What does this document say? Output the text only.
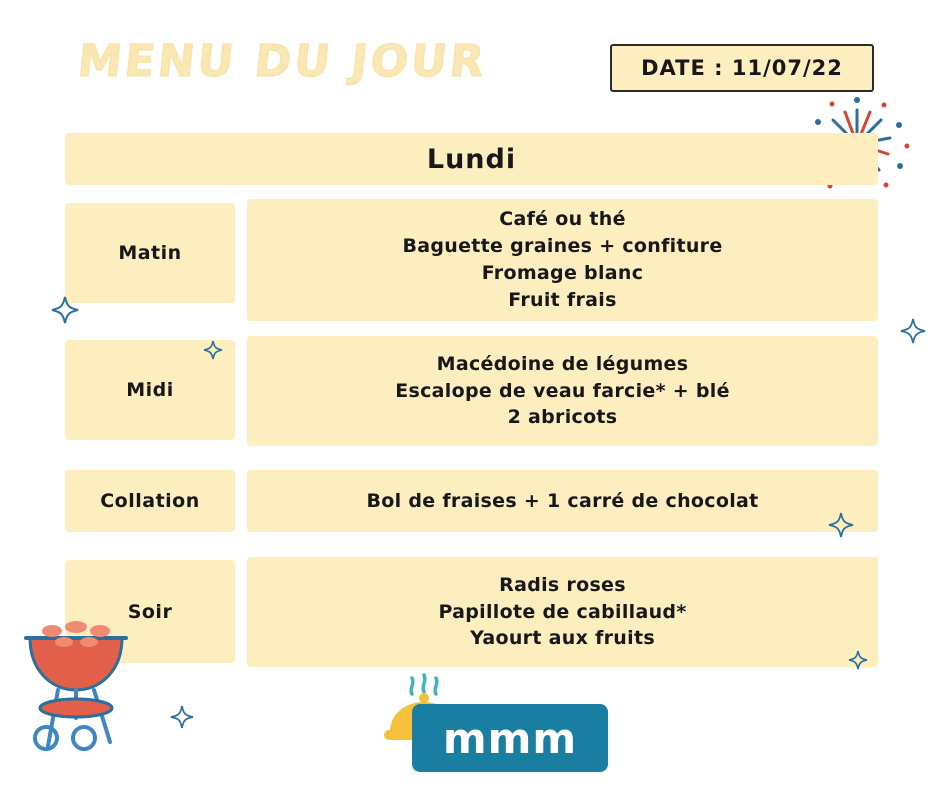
MENU DU JOUR	DATE : 11/07/22
Lundi
Matin
Café ou thé
Baguette graines + confiture
Fromage blanc
Fruit frais
Midi
Macédoine de légumes
Escalope de veau farcie* + blé
2 abricots
Collation	Bol de fraises + 1 carré de chocolat
Soir
Radis roses
Papillote de cabillaud*
Yaourt aux fruits
mmm
